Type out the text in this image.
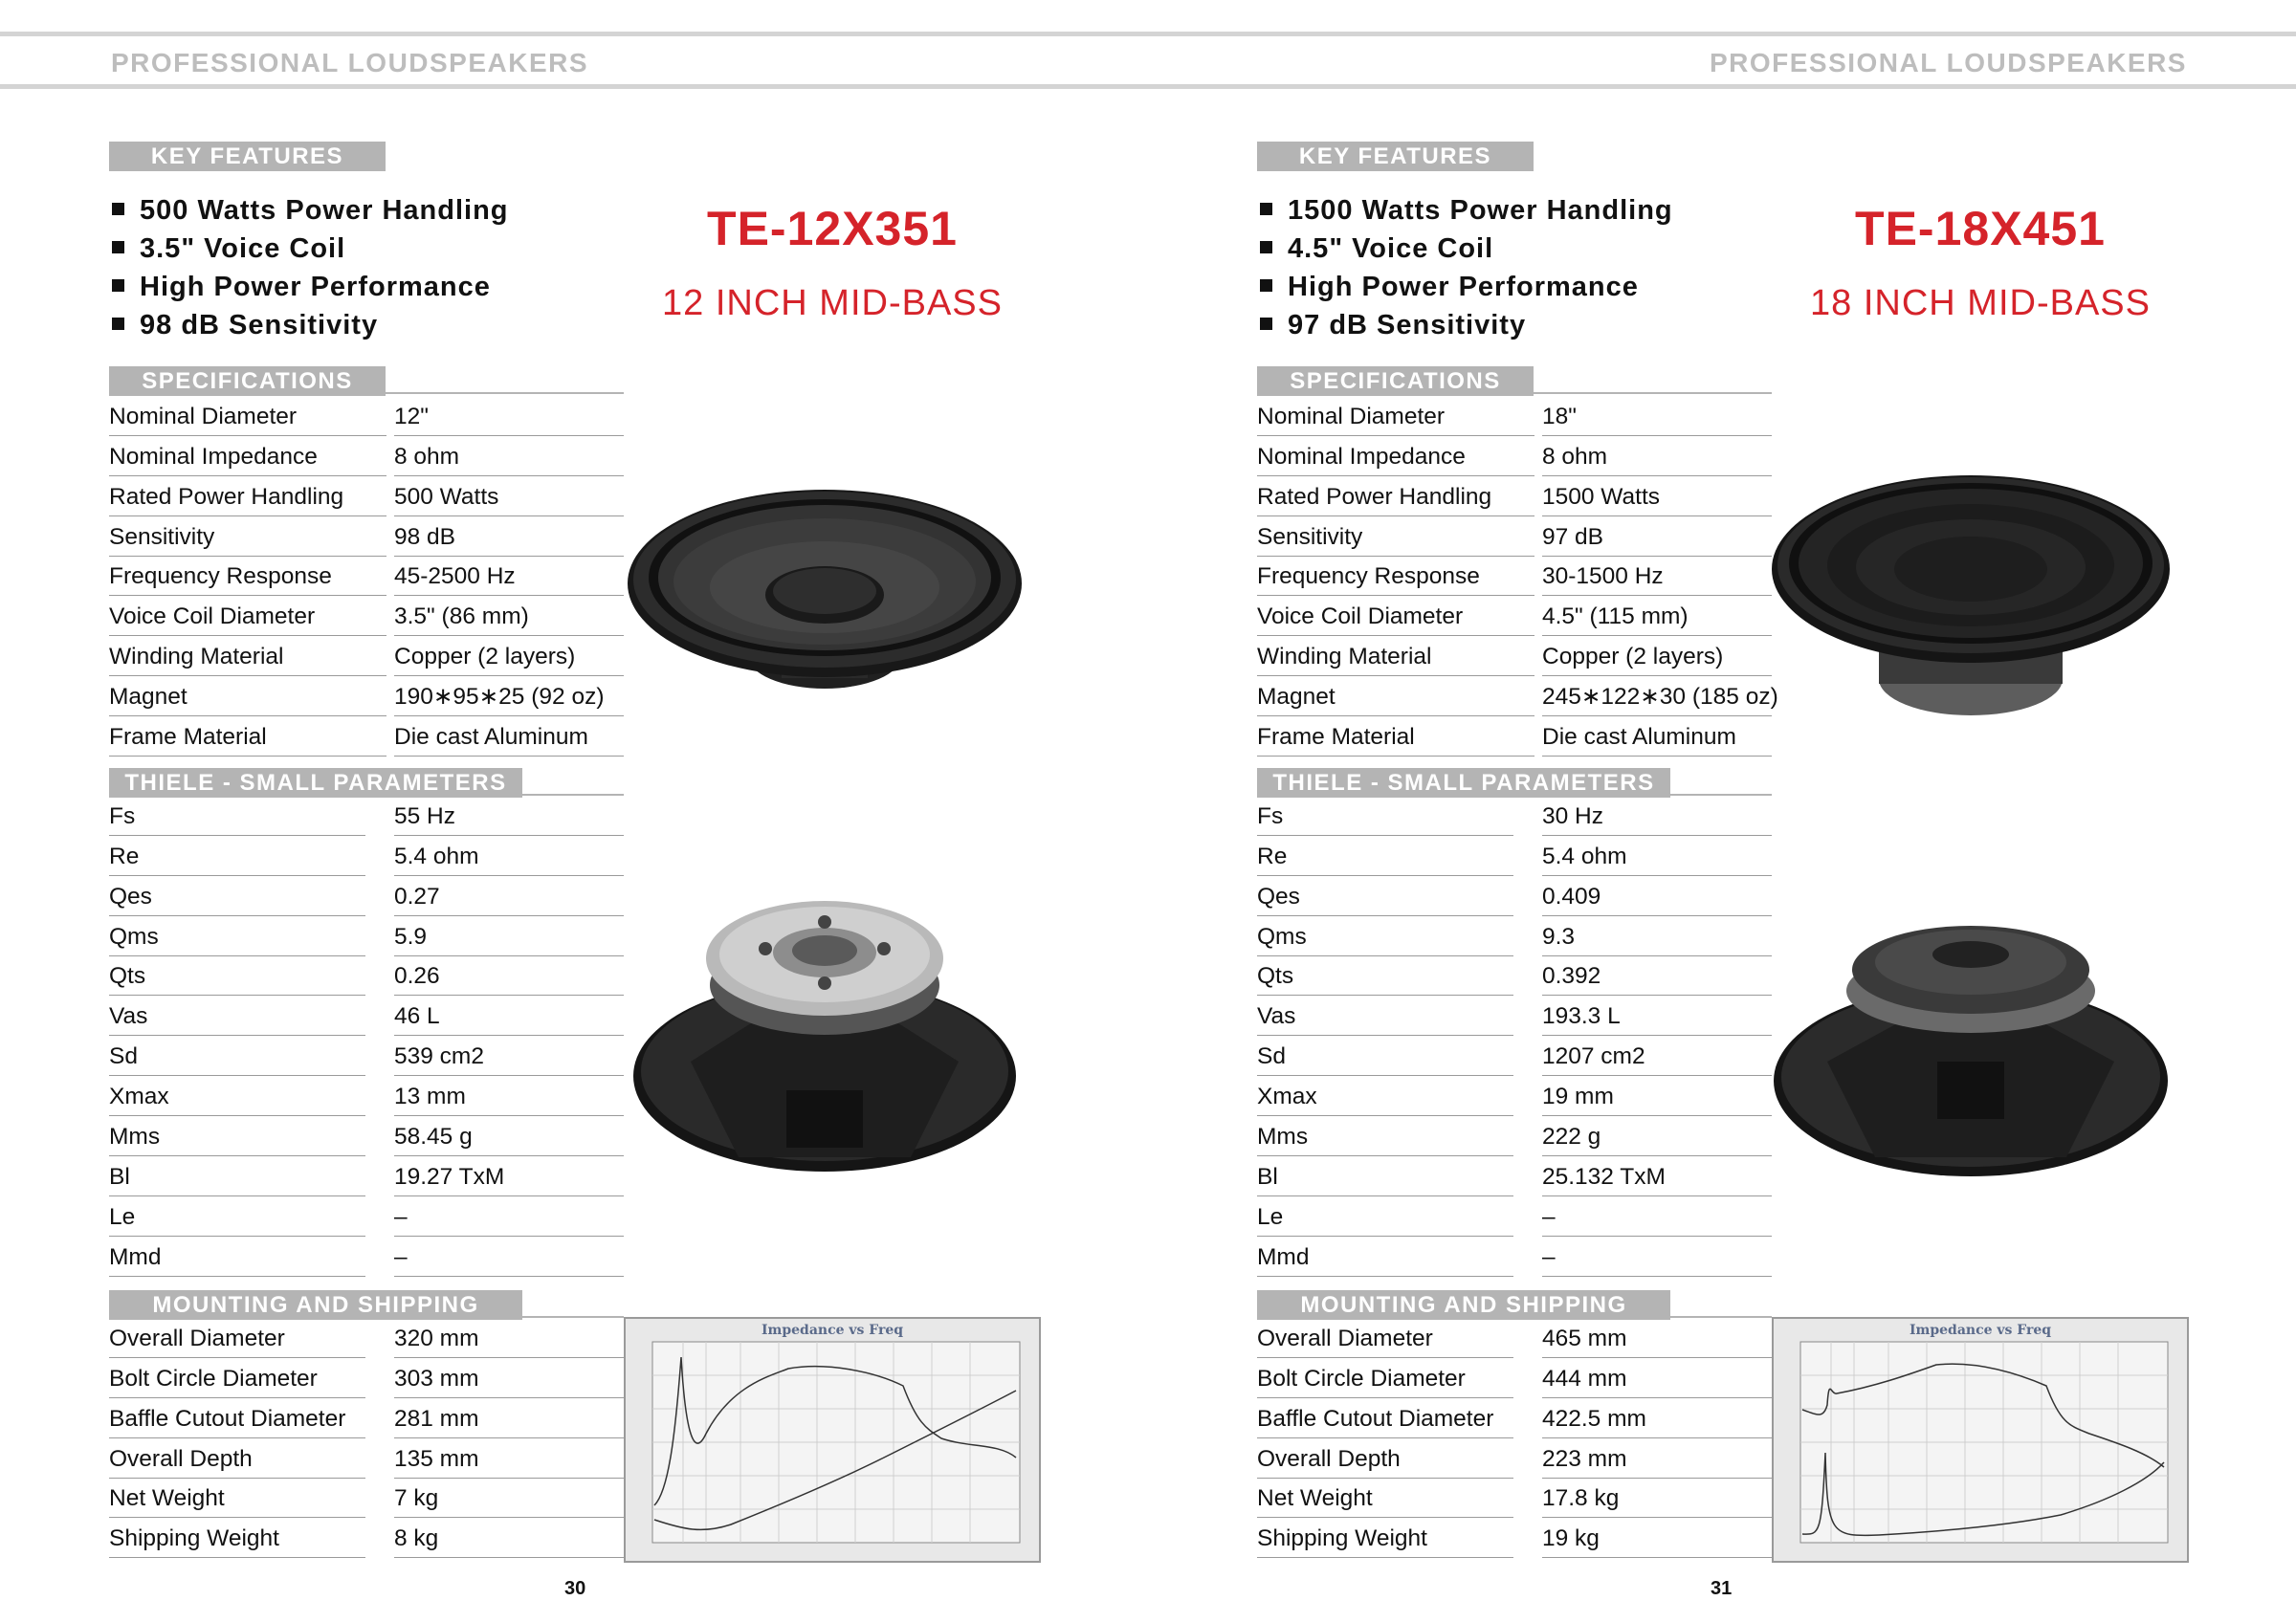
PROFESSIONAL LOUDSPEAKERS	PROFESSIONAL LOUDSPEAKERS
KEY FEATURES
500 Watts Power Handling
3.5" Voice Coil
High Power Performance
98 dB Sensitivity
TE-12X351
12 INCH MID-BASS
SPECIFICATIONS
Nominal Diameter	12"
Nominal Impedance	8 ohm
Rated Power Handling 500 Watts
Sensitivity	98 dB
Frequency Response	45-2500 Hz
Voice Coil Diameter	3.5" (86 mm)
Winding Material	Copper (2 layers)
Magnet	190∗95∗25 (92 oz)
Frame Material	Die cast Aluminum
THIELE - SMALL PARAMETERS
Fs	55 Hz
Re	5.4 ohm
Qes	0.27
Qms	5.9
Qts	0.26
Vas	46 L
Sd	539 cm2
Xmax	13 mm
Mms	58.45 g
Bl	19.27 TxM
Le	–
Mmd	–
MOUNTING AND SHIPPING
Overall Diameter	320 mm
Bolt Circle Diameter	303 mm
Baffle Cutout Diameter 281 mm
Overall Depth	135 mm
Net Weight	7 kg
Shipping Weight	8 kg
Impedance vs Freq
30
KEY FEATURES
1500 Watts Power Handling
4.5" Voice Coil
High Power Performance
97 dB Sensitivity
TE-18X451
18 INCH MID-BASS
SPECIFICATIONS
Nominal Diameter	18"
Nominal Impedance	8 ohm
Rated Power Handling 1500 Watts
Sensitivity	97 dB
Frequency Response	30-1500 Hz
Voice Coil Diameter	4.5" (115 mm)
Winding Material	Copper (2 layers)
Magnet	245∗122∗30 (185 oz)
Frame Material	Die cast Aluminum
THIELE - SMALL PARAMETERS
Fs	30 Hz
Re	5.4 ohm
Qes	0.409
Qms	9.3
Qts	0.392
Vas	193.3 L
Sd	1207 cm2
Xmax	19 mm
Mms	222 g
Bl	25.132 TxM
Le	–
Mmd	–
MOUNTING AND SHIPPING
Overall Diameter	465 mm
Bolt Circle Diameter	444 mm
Baffle Cutout Diameter 422.5 mm
Overall Depth	223 mm
Net Weight	17.8 kg
Shipping Weight	19 kg
Impedance vs Freq
31
